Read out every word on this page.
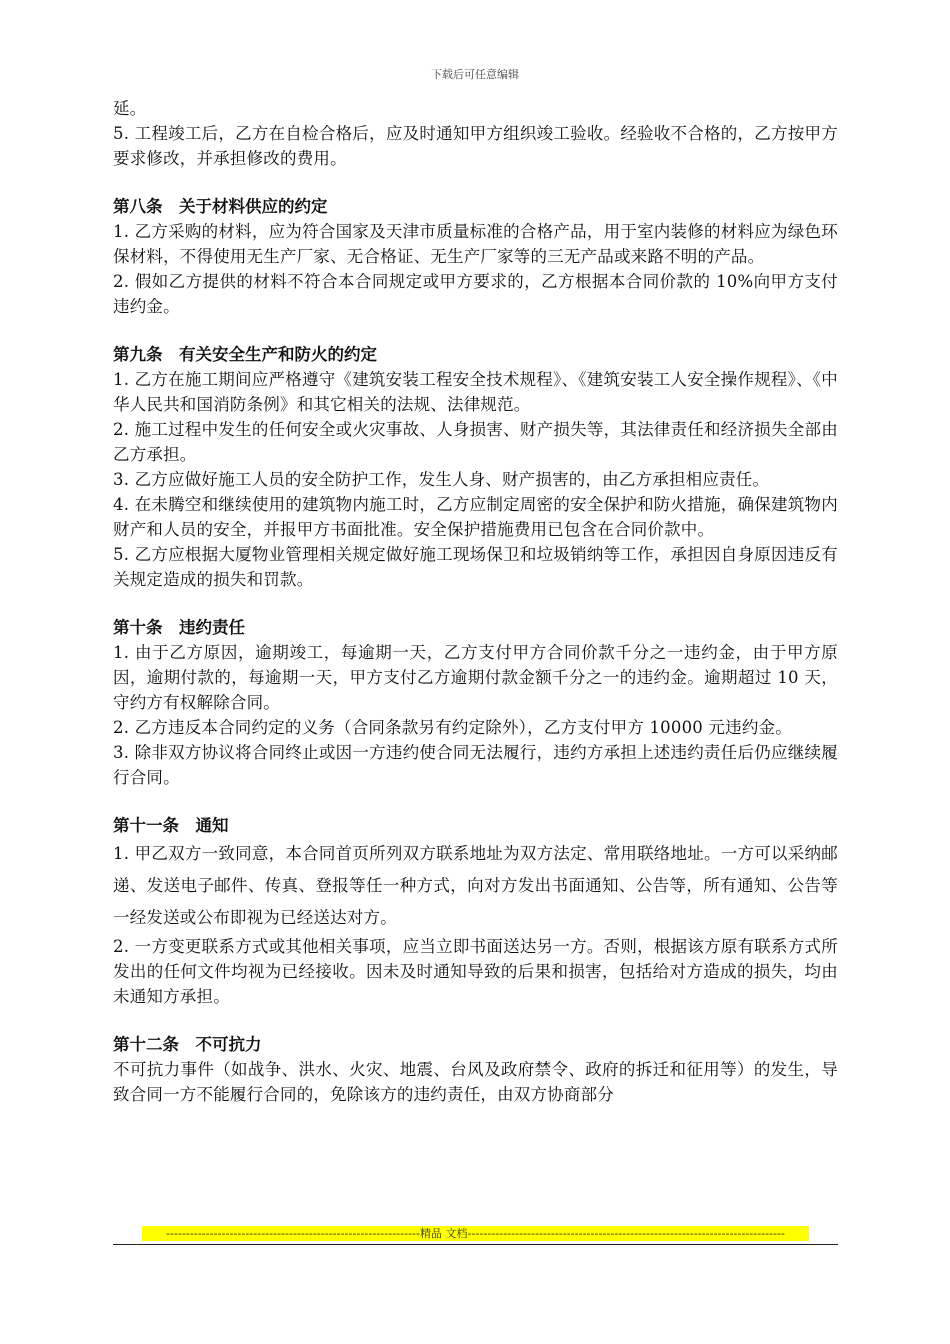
下载后可任意编辑

延。

5. 工程竣工后，乙方在自检合格后，应及时通知甲方组织竣工验收。经验收不合格的，乙方按甲方要求修改，并承担修改的费用。

第八条　关于材料供应的约定

1. 乙方采购的材料，应为符合国家及天津市质量标准的合格产品，用于室内装修的材料应为绿色环保材料，不得使用无生产厂家、无合格证、无生产厂家等的三无产品或来路不明的产品。

2. 假如乙方提供的材料不符合本合同规定或甲方要求的，乙方根据本合同价款的 10%向甲方支付违约金。

第九条　有关安全生产和防火的约定

1. 乙方在施工期间应严格遵守《建筑安装工程安全技术规程》、《建筑安装工人安全操作规程》、《中华人民共和国消防条例》和其它相关的法规、法律规范。

2. 施工过程中发生的任何安全或火灾事故、人身损害、财产损失等，其法律责任和经济损失全部由乙方承担。

3. 乙方应做好施工人员的安全防护工作，发生人身、财产损害的，由乙方承担相应责任。

4. 在未腾空和继续使用的建筑物内施工时，乙方应制定周密的安全保护和防火措施，确保建筑物内财产和人员的安全，并报甲方书面批准。安全保护措施费用已包含在合同价款中。

5. 乙方应根据大厦物业管理相关规定做好施工现场保卫和垃圾销纳等工作，承担因自身原因违反有关规定造成的损失和罚款。

第十条　违约责任

1. 由于乙方原因，逾期竣工，每逾期一天，乙方支付甲方合同价款千分之一违约金，由于甲方原因，逾期付款的，每逾期一天，甲方支付乙方逾期付款金额千分之一的违约金。逾期超过 10 天，守约方有权解除合同。

2. 乙方违反本合同约定的义务（合同条款另有约定除外），乙方支付甲方 10000 元违约金。

3. 除非双方协议将合同终止或因一方违约使合同无法履行，违约方承担上述违约责任后仍应继续履行合同。

第十一条　通知

1. 甲乙双方一致同意，本合同首页所列双方联系地址为双方法定、常用联络地址。一方可以采纳邮递、发送电子邮件、传真、登报等任一种方式，向对方发出书面通知、公告等，所有通知、公告等一经发送或公布即视为已经送达对方。

2. 一方变更联系方式或其他相关事项，应当立即书面送达另一方。否则，根据该方原有联系方式所发出的任何文件均视为已经接收。因未及时通知导致的后果和损害，包括给对方造成的损失，均由未通知方承担。

第十二条　不可抗力

不可抗力事件（如战争、洪水、火灾、地震、台风及政府禁令、政府的拆迁和征用等）的发生，导致合同一方不能履行合同的，免除该方的违约责任，由双方协商部分

----------------------------------------------------------------精品 文档--------------------------------------------------------------------------------
